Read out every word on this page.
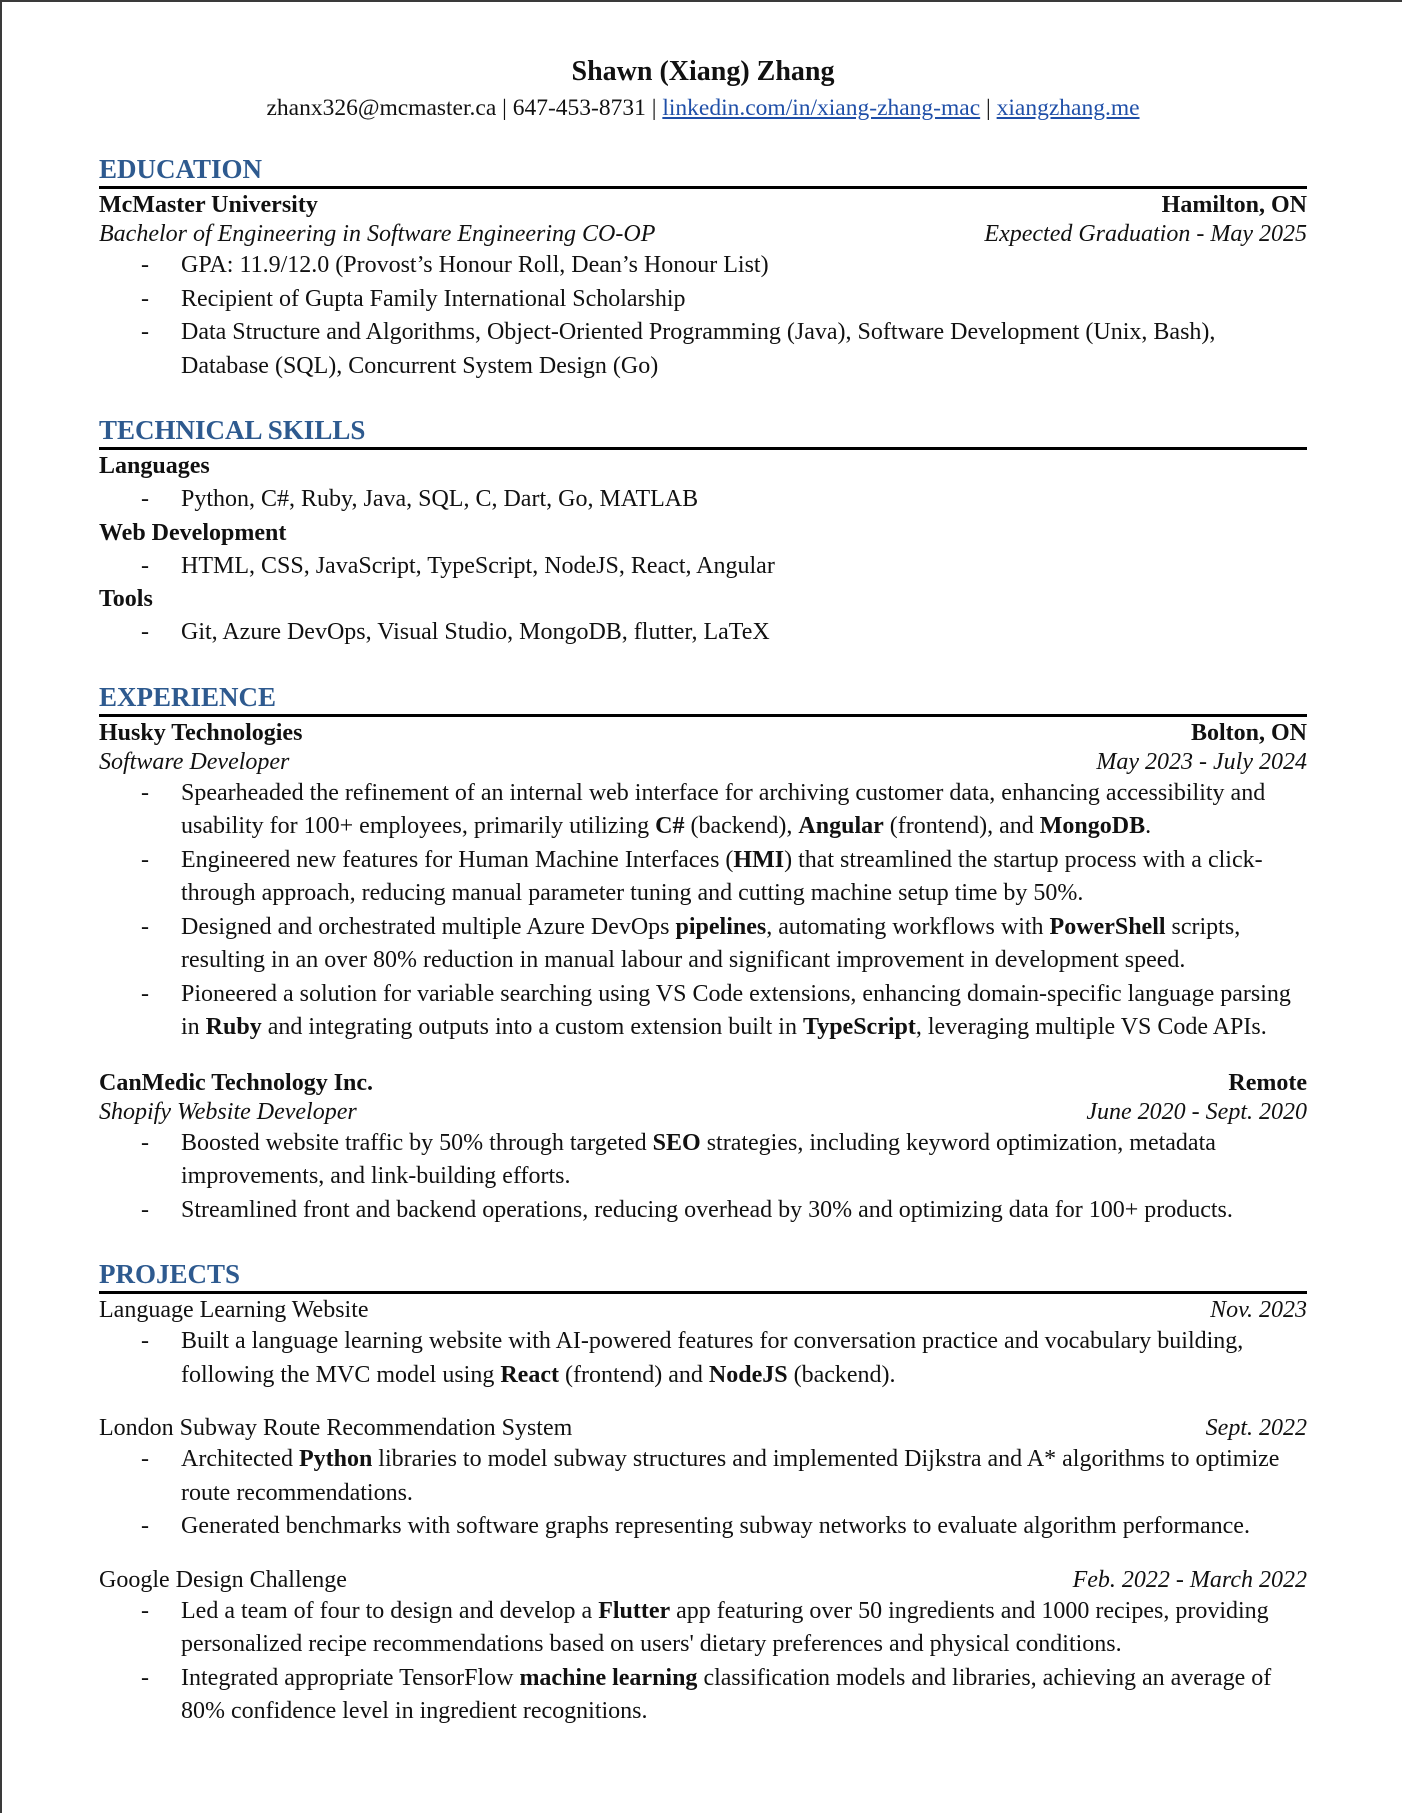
Shawn (Xiang) Zhang
zhanx326@mcmaster.ca | 647-453-8731 | linkedin.com/in/xiang-zhang-mac | xiangzhang.me
EDUCATION
McMaster University	Hamilton, ON
Bachelor of Engineering in Software Engineering CO-OP	Expected Graduation - May 2025
- GPA: 11.9/12.0 (Provost’s Honour Roll, Dean’s Honour List)
- Recipient of Gupta Family International Scholarship
- Data Structure and Algorithms, Object-Oriented Programming (Java), Software Development (Unix, Bash), Database (SQL), Concurrent System Design (Go)
TECHNICAL SKILLS
Languages
- Python, C#, Ruby, Java, SQL, C, Dart, Go, MATLAB
Web Development
- HTML, CSS, JavaScript, TypeScript, NodeJS, React, Angular
Tools
- Git, Azure DevOps, Visual Studio, MongoDB, flutter, LaTeX
EXPERIENCE
Husky Technologies	Bolton, ON
Software Developer	May 2023 - July 2024
- Spearheaded the refinement of an internal web interface for archiving customer data, enhancing accessibility and usability for 100+ employees, primarily utilizing C# (backend), Angular (frontend), and MongoDB.
- Engineered new features for Human Machine Interfaces (HMI) that streamlined the startup process with a click-through approach, reducing manual parameter tuning and cutting machine setup time by 50%.
- Designed and orchestrated multiple Azure DevOps pipelines, automating workflows with PowerShell scripts, resulting in an over 80% reduction in manual labour and significant improvement in development speed.
- Pioneered a solution for variable searching using VS Code extensions, enhancing domain-specific language parsing in Ruby and integrating outputs into a custom extension built in TypeScript, leveraging multiple VS Code APIs.
CanMedic Technology Inc.	Remote
Shopify Website Developer	June 2020 - Sept. 2020
- Boosted website traffic by 50% through targeted SEO strategies, including keyword optimization, metadata improvements, and link-building efforts.
- Streamlined front and backend operations, reducing overhead by 30% and optimizing data for 100+ products.
PROJECTS
Language Learning Website	Nov. 2023
- Built a language learning website with AI-powered features for conversation practice and vocabulary building, following the MVC model using React (frontend) and NodeJS (backend).
London Subway Route Recommendation System	Sept. 2022
- Architected Python libraries to model subway structures and implemented Dijkstra and A* algorithms to optimize route recommendations.
- Generated benchmarks with software graphs representing subway networks to evaluate algorithm performance.
Google Design Challenge	Feb. 2022 - March 2022
- Led a team of four to design and develop a Flutter app featuring over 50 ingredients and 1000 recipes, providing personalized recipe recommendations based on users' dietary preferences and physical conditions.
- Integrated appropriate TensorFlow machine learning classification models and libraries, achieving an average of 80% confidence level in ingredient recognitions.
